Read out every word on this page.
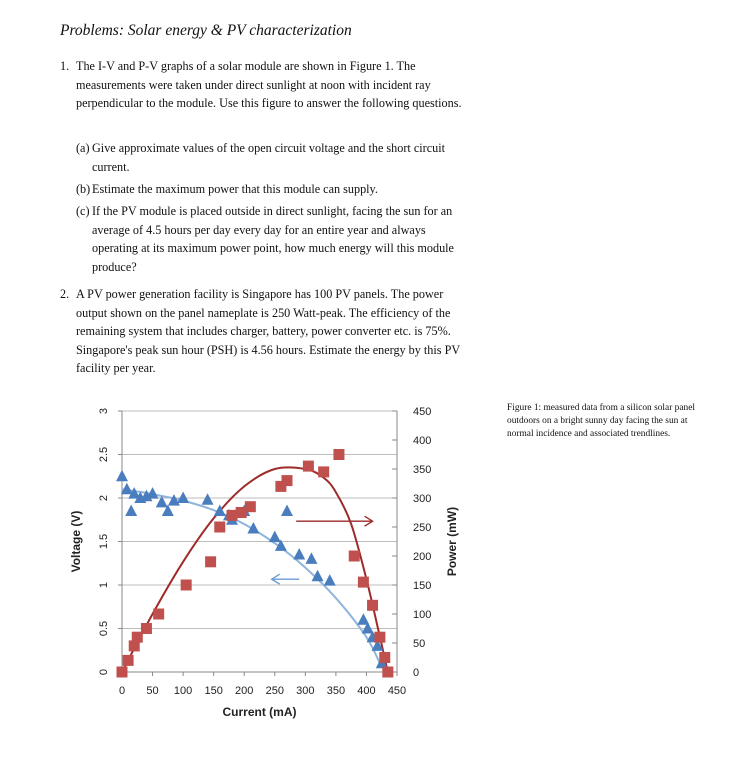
Problems: Solar energy & PV characterization
1. The I-V and P-V graphs of a solar module are shown in Figure 1. The measurements were taken under direct sunlight at noon with incident ray perpendicular to the module. Use this figure to answer the following questions.
(a) Give approximate values of the open circuit voltage and the short circuit current.
(b) Estimate the maximum power that this module can supply.
(c) If the PV module is placed outside in direct sunlight, facing the sun for an average of 4.5 hours per day every day for an entire year and always operating at its maximum power point, how much energy will this module produce?
2. A PV power generation facility is Singapore has 100 PV panels. The power output shown on the panel nameplate is 250 Watt-peak. The efficiency of the remaining system that includes charger, battery, power converter etc. is 75%. Singapore's peak sun hour (PSH) is 4.56 hours. Estimate the energy by this PV facility per year.
Figure 1: measured data from a silicon solar panel outdoors on a bright sunny day facing the sun at normal incidence and associated trendlines.
0 50 100 150 200 250 300 350 400 450
0
0.5
1
1.5
2
2.5
3
0
50
100
150
200
250
300
350
400
450
Current (mA)
Voltage (V)	Power (mW)
